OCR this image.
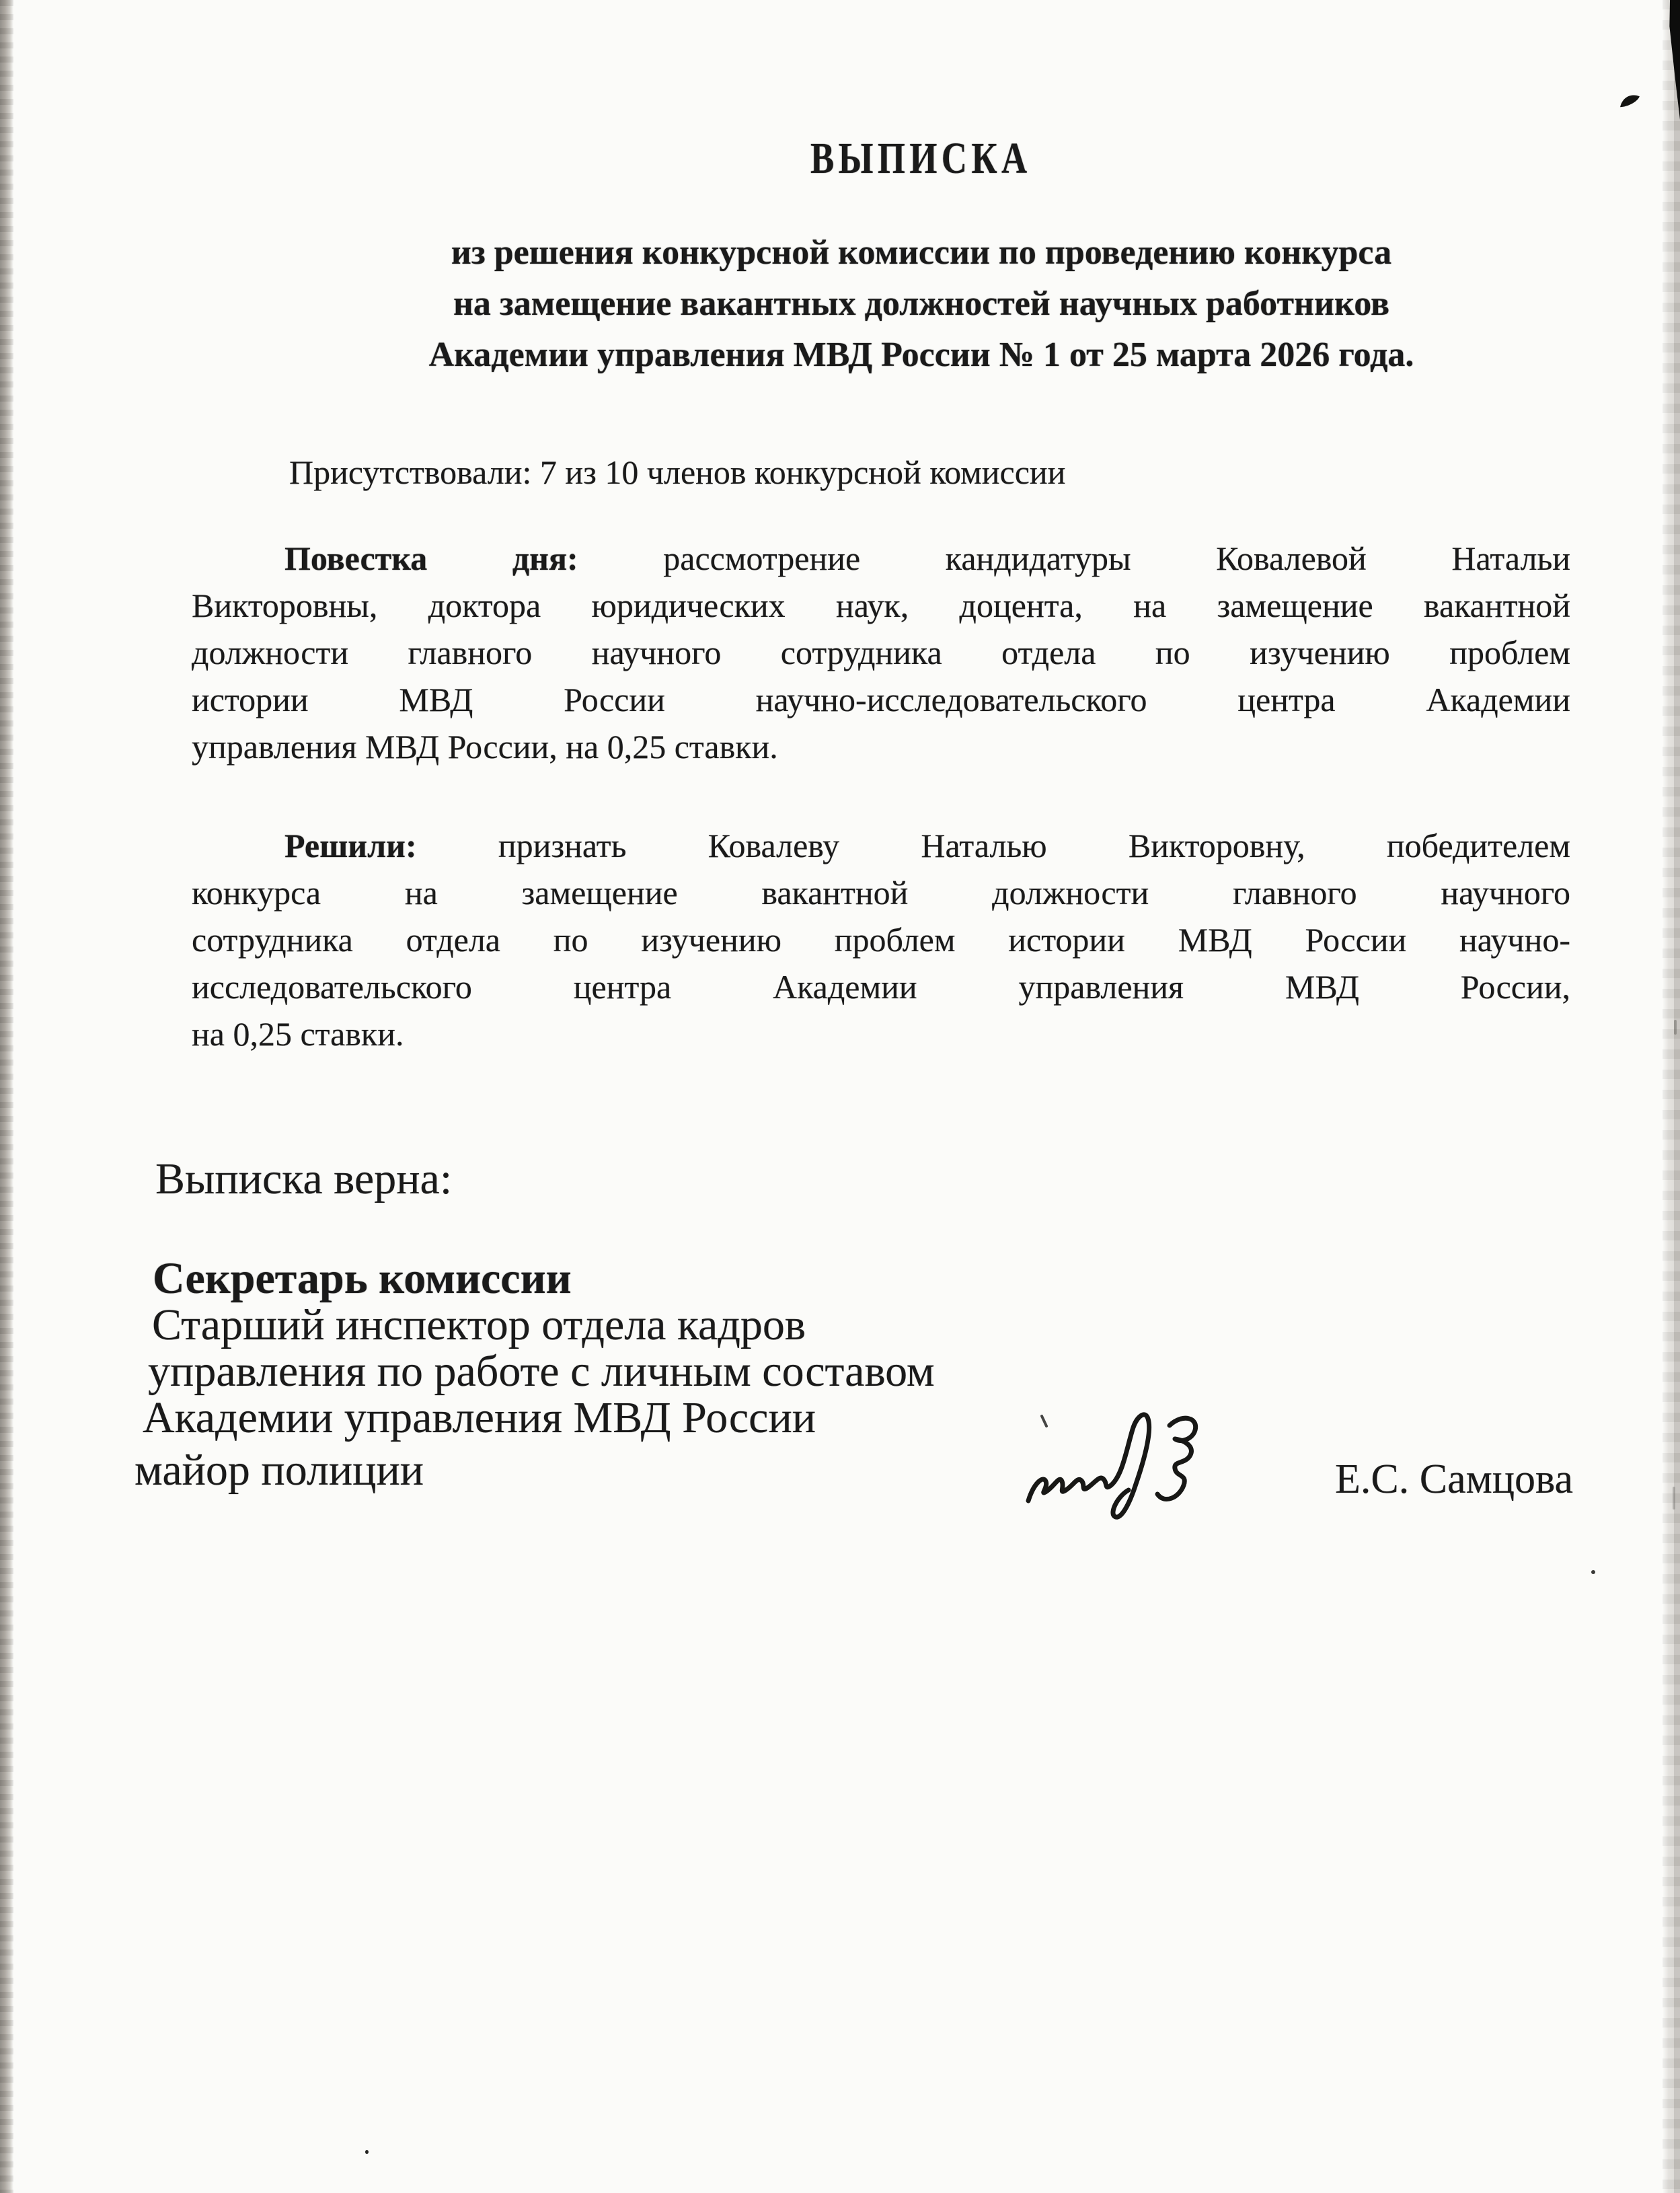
ВЫПИСКА
из решения конкурсной комиссии по проведению конкурса
на замещение вакантных должностей научных работников
Академии управления МВД России № 1 от 25 марта 2026 года.
Присутствовали: 7 из 10 членов конкурсной комиссии
Повестка дня:	рассмотрение кандидатуры Ковалевой Натальи
Викторовны, доктора юридических наук, доцента, на замещение вакантной
должности главного научного сотрудника отдела по изучению проблем
истории МВД России научно-исследовательского центра Академии
управления МВД России, на 0,25 ставки.
Решили: признать Ковалеву Наталью Викторовну, победителем
конкурса на замещение вакантной должности главного научного
сотрудника отдела по изучению проблем истории МВД России научно-
исследовательского центра Академии управления МВД России,
на 0,25 ставки.
Выписка верна:
Секретарь комиссии
Старший инспектор отдела кадров
управления по работе с личным составом
Академии управления МВД России
майор полиции	Е.С. Самцова
